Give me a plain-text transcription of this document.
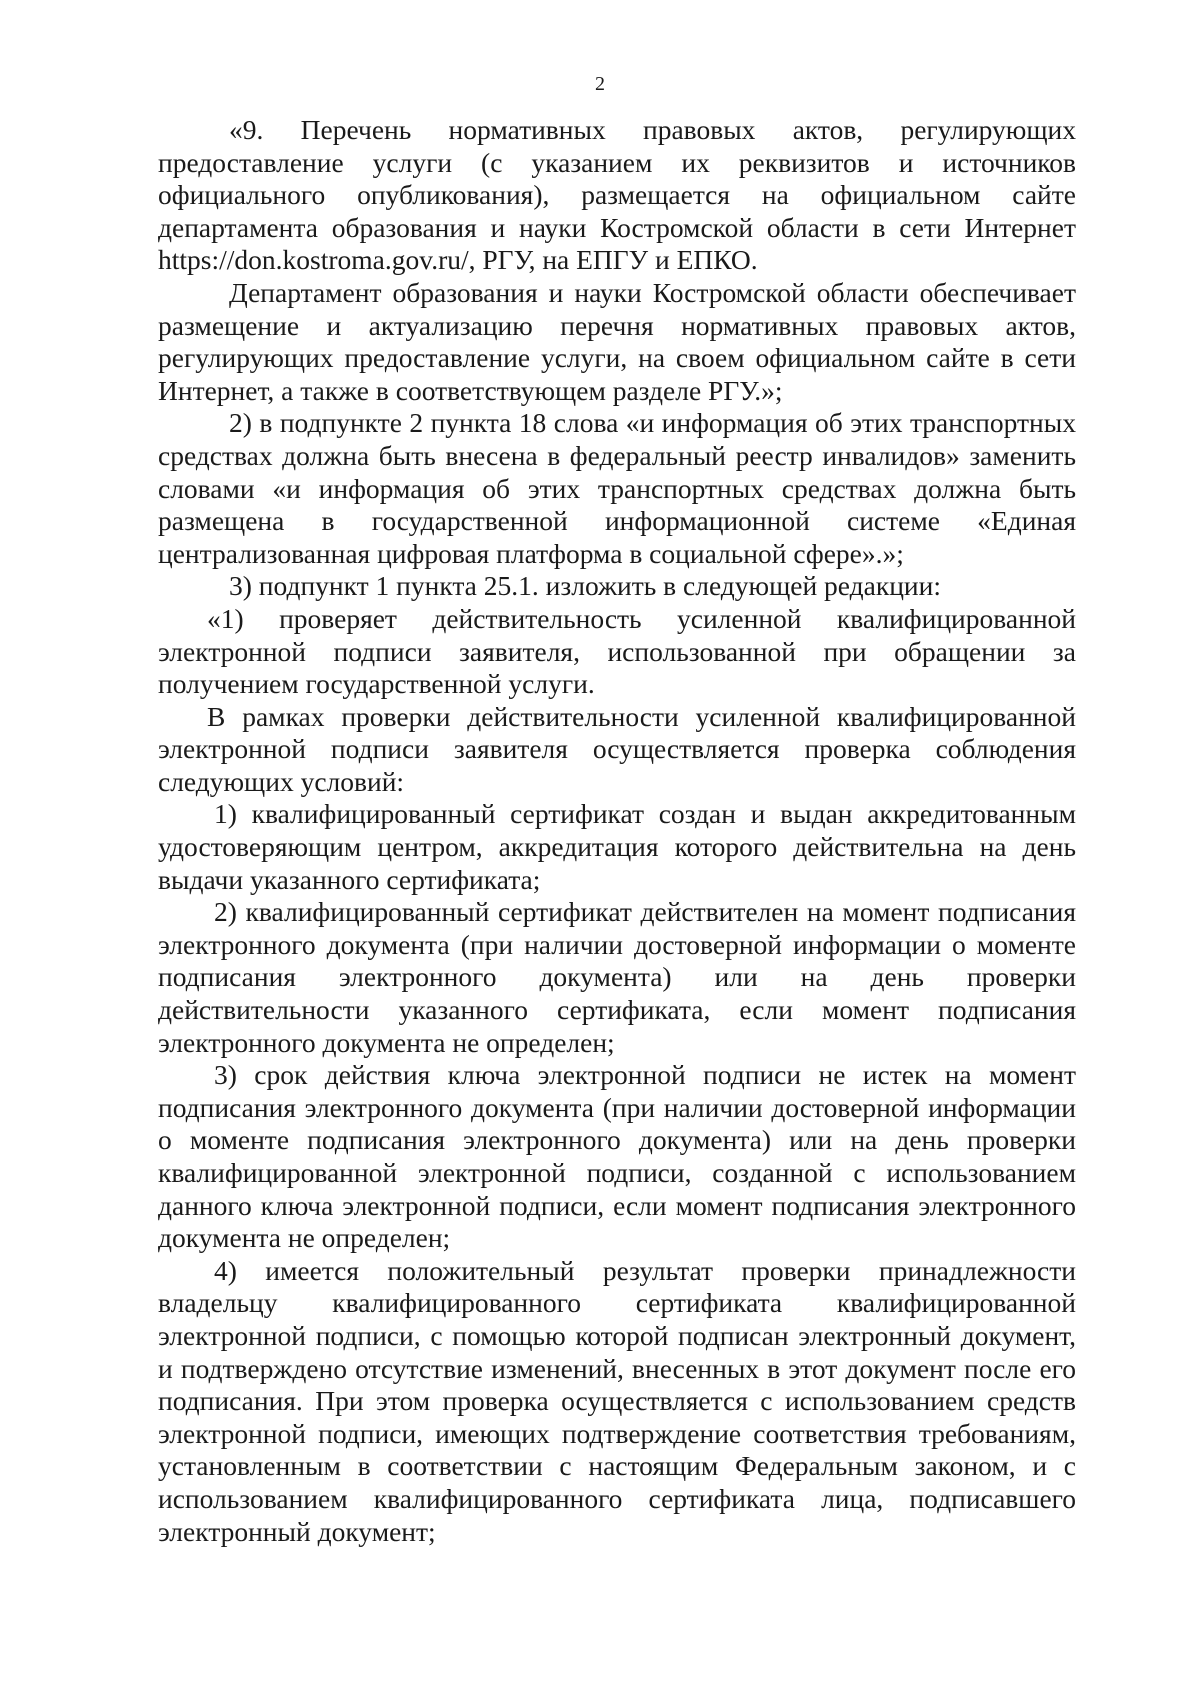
2

«9. Перечень нормативных правовых актов, регулирующих предоставление услуги (с указанием их реквизитов и источников официального опубликования), размещается на официальном сайте департамента образования и науки Костромской области в сети Интернет https://don.kostroma.gov.ru/, РГУ, на ЕПГУ и ЕПКО.

Департамент образования и науки Костромской области обеспечивает размещение и актуализацию перечня нормативных правовых актов, регулирующих предоставление услуги, на своем официальном сайте в сети Интернет, а также в соответствующем разделе РГУ.»;

2) в подпункте 2 пункта 18 слова «и информация об этих транспортных средствах должна быть внесена в федеральный реестр инвалидов» заменить словами «и информация об этих транспортных средствах должна быть размещена в государственной информационной системе «Единая централизованная цифровая платформа в социальной сфере».»;

3) подпункт 1 пункта 25.1. изложить в следующей редакции:

«1) проверяет действительность усиленной квалифицированной электронной подписи заявителя, использованной при обращении за получением государственной услуги.

В рамках проверки действительности усиленной квалифицированной электронной подписи заявителя осуществляется проверка соблюдения следующих условий:

1) квалифицированный сертификат создан и выдан аккредитованным удостоверяющим центром, аккредитация которого действительна на день выдачи указанного сертификата;

2) квалифицированный сертификат действителен на момент подписания электронного документа (при наличии достоверной информации о моменте подписания электронного документа) или на день проверки действительности указанного сертификата, если момент подписания электронного документа не определен;

3) срок действия ключа электронной подписи не истек на момент подписания электронного документа (при наличии достоверной информации о моменте подписания электронного документа) или на день проверки квалифицированной электронной подписи, созданной с использованием данного ключа электронной подписи, если момент подписания электронного документа не определен;

4) имеется положительный результат проверки принадлежности владельцу квалифицированного сертификата квалифицированной электронной подписи, с помощью которой подписан электронный документ, и подтверждено отсутствие изменений, внесенных в этот документ после его подписания. При этом проверка осуществляется с использованием средств электронной подписи, имеющих подтверждение соответствия требованиям, установленным в соответствии с настоящим Федеральным законом, и с использованием квалифицированного сертификата лица, подписавшего электронный документ;
